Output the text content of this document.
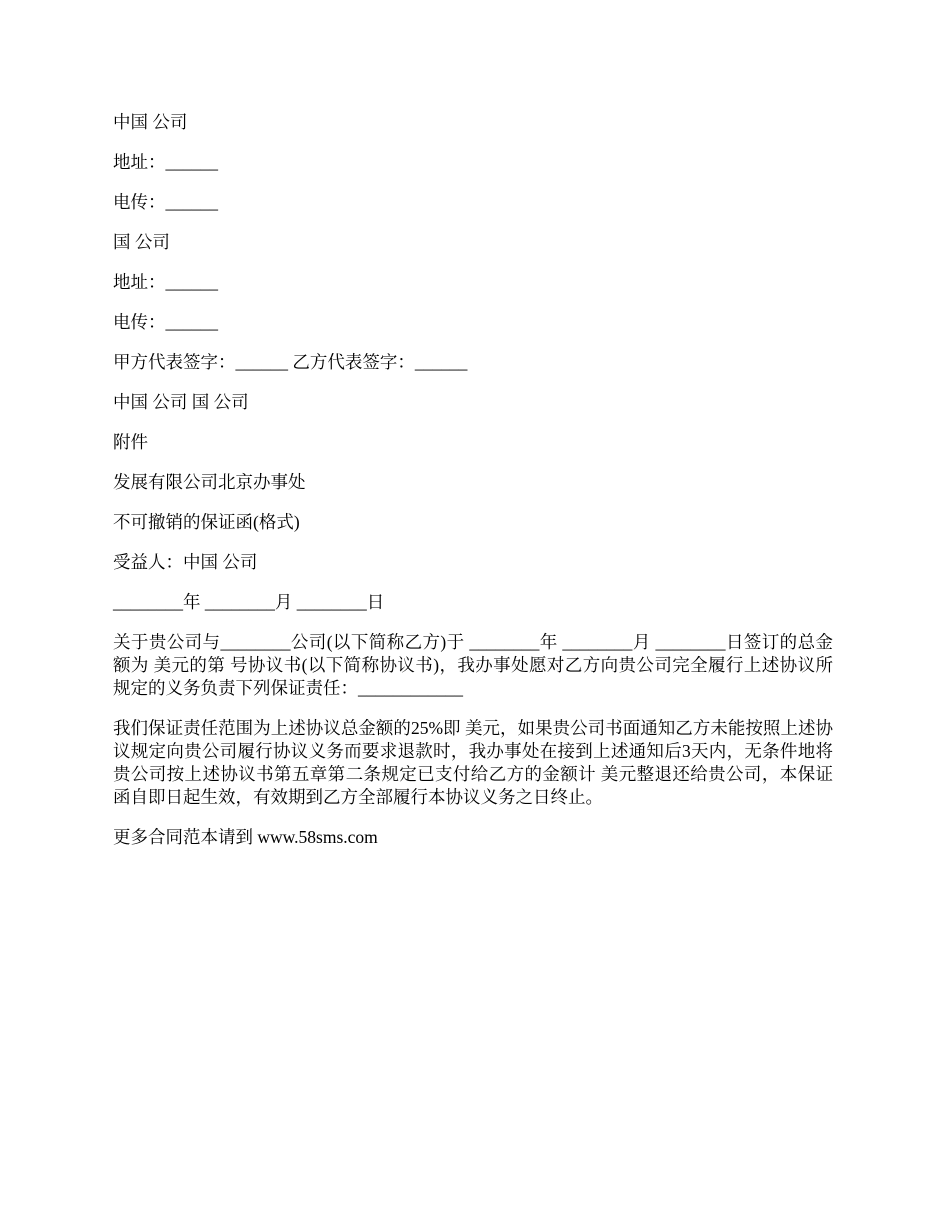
中国 公司
地址：______
电传：______
国 公司
地址：______
电传：______
甲方代表签字：______ 乙方代表签字：______
中国 公司 国 公司
附件
发展有限公司北京办事处
不可撤销的保证函(格式)
受益人：中国 公司
________年 ________月 ________日

关于贵公司与________公司(以下简称乙方)于 ________年 ________月 ________日签订的总金额为 美元的第 号协议书(以下简称协议书)，我办事处愿对乙方向贵公司完全履行上述协议所规定的义务负责下列保证责任：____________

我们保证责任范围为上述协议总金额的25%即 美元，如果贵公司书面通知乙方未能按照上述协议规定向贵公司履行协议义务而要求退款时，我办事处在接到上述通知后3天内，无条件地将贵公司按上述协议书第五章第二条规定已支付给乙方的金额计 美元整退还给贵公司，本保证函自即日起生效，有效期到乙方全部履行本协议义务之日终止。

更多合同范本请到 www.58sms.com
